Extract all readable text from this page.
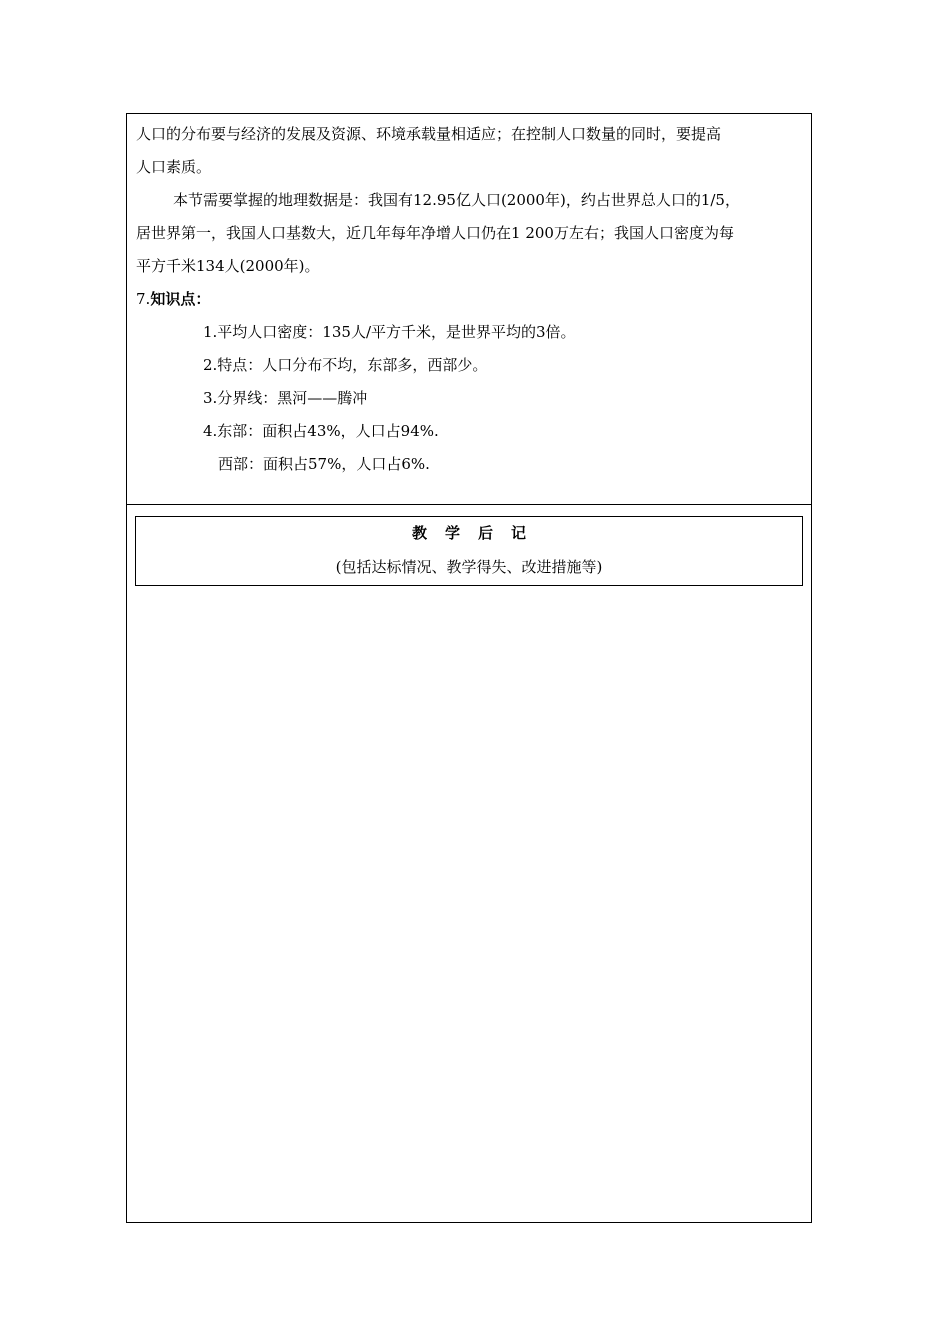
人口的分布要与经济的发展及资源、环境承载量相适应；在控制人口数量的同时，要提高
人口素质。
本节需要掌握的地理数据是：我国有12.95亿人口(2000年)，约占世界总人口的1/5，
居世界第一，我国人口基数大，近几年每年净增人口仍在1 200万左右；我国人口密度为每
平方千米134人(2000年)。
7.知识点：
1.平均人口密度：135人/平方千米，是世界平均的3倍。
2.特点：人口分布不均，东部多，西部少。
3.分界线：黑河——腾冲
4.东部：面积占43%，人口占94%.
西部：面积占57%，人口占6%.
教学后记
(包括达标情况、教学得失、改进措施等)
